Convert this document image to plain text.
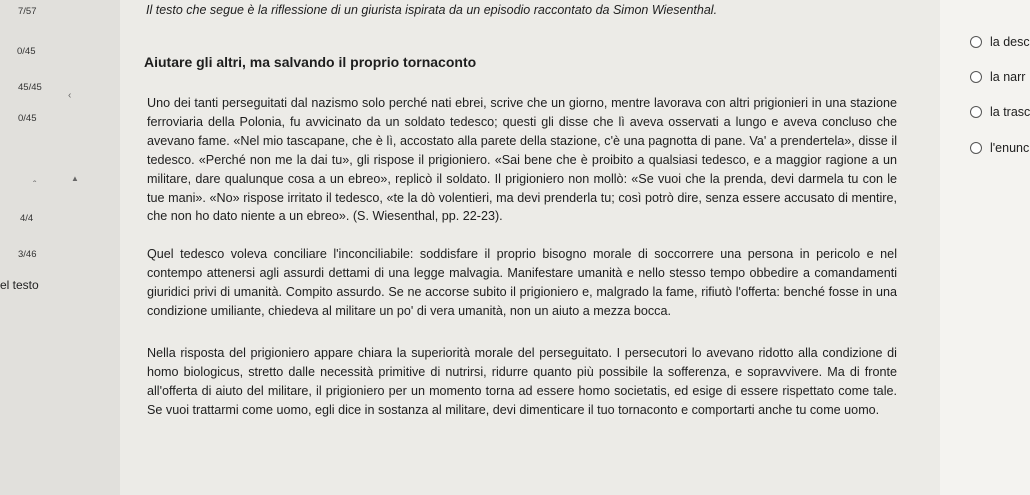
7/57
0/45
45/45
‹
0/45
ˆ
▲
4/4
3/46
el testo
Il testo che segue è la riflessione di un giurista ispirata da un episodio raccontato da Simon Wiesenthal.
Aiutare gli altri, ma salvando il proprio tornaconto

Uno dei tanti perseguitati dal nazismo solo perché nati ebrei, scrive che un giorno, mentre lavorava con altri prigionieri in una stazione ferroviaria della Polonia, fu avvicinato da un soldato tedesco; questi gli disse che lì aveva osservati a lungo e aveva concluso che avevano fame. «Nel mio tascapane, che è lì, accostato alla parete della stazione, c'è una pagnotta di pane. Va' a prendertela», disse il tedesco. «Perché non me la dai tu», gli rispose il prigioniero. «Sai bene che è proibito a qualsiasi tedesco, e a maggior ragione a un militare, dare qualunque cosa a un ebreo», replicò il soldato. Il prigioniero non mollò: «Se vuoi che la prenda, devi darmela tu con le tue mani». «No» rispose irritato il tedesco, «te la dò volentieri, ma devi prenderla tu; così potrò dire, senza essere accusato di mentire, che non ho dato niente a un ebreo». (S. Wiesenthal, pp. 22-23).

Quel tedesco voleva conciliare l'inconciliabile: soddisfare il proprio bisogno morale di soccorrere una persona in pericolo e nel contempo attenersi agli assurdi dettami di una legge malvagia. Manifestare umanità e nello stesso tempo obbedire a comandamenti giuridici privi di umanità. Compito assurdo. Se ne accorse subito il prigioniero e, malgrado la fame, rifiutò l'offerta: benché fosse in una condizione umiliante, chiedeva al militare un po' di vera umanità, non un aiuto a mezza bocca.

Nella risposta del prigioniero appare chiara la superiorità morale del perseguitato. I persecutori lo avevano ridotto alla condizione di homo biologicus, stretto dalle necessità primitive di nutrirsi, ridurre quanto più possibile la sofferenza, e sopravvivere. Ma di fronte all'offerta di aiuto del militare, il prigioniero per un momento torna ad essere homo societatis, ed esige di essere rispettato come tale. Se vuoi trattarmi come uomo, egli dice in sostanza al militare, devi dimenticare il tuo tornaconto e comportarti anche tu come uomo.

la desc
la narr
la trasc
l'enunc
